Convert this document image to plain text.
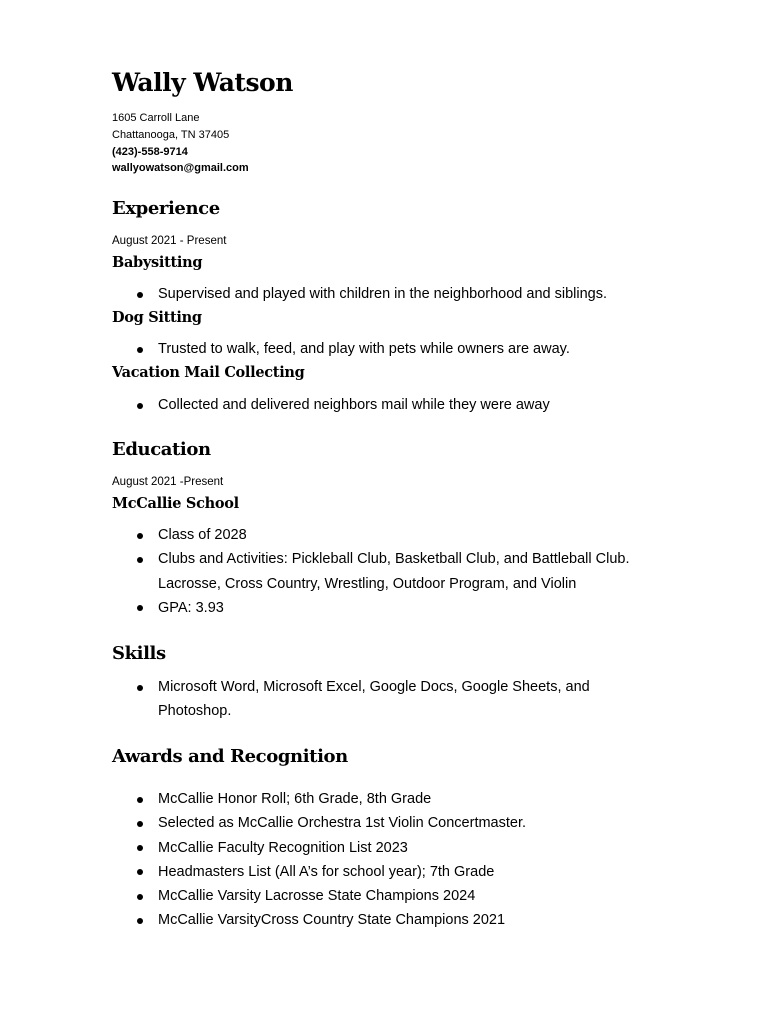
Wally Watson
1605 Carroll Lane
Chattanooga, TN 37405
(423)-558-9714
wallyowatson@gmail.com
Experience
August 2021 - Present
Babysitting
Supervised and played with children in the neighborhood and siblings.
Dog Sitting
Trusted to walk, feed, and play with pets while owners are away.
Vacation Mail Collecting
Collected and delivered neighbors mail while they were away
Education
August 2021 -Present
McCallie School
Class of 2028
Clubs and Activities: Pickleball Club, Basketball Club, and Battleball Club. Lacrosse, Cross Country, Wrestling, Outdoor Program, and Violin
GPA: 3.93
Skills
Microsoft Word, Microsoft Excel, Google Docs, Google Sheets, and Photoshop.
Awards and Recognition
McCallie Honor Roll; 6th Grade, 8th Grade
Selected as McCallie Orchestra 1st Violin Concertmaster.
McCallie Faculty Recognition List 2023
Headmasters List (All A’s for school year); 7th Grade
McCallie Varsity Lacrosse State Champions 2024
McCallie VarsityCross Country State Champions 2021
